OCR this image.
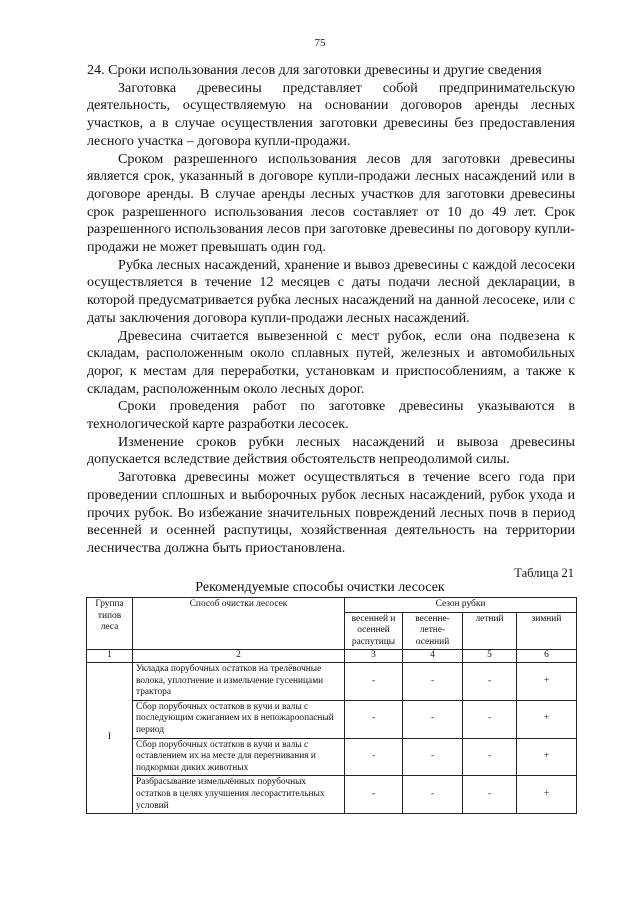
75

24. Сроки использования лесов для заготовки древесины и другие сведения

Заготовка древесины представляет собой предпринимательскую деятельность, осуществляемую на основании договоров аренды лесных участков, а в случае осуществления заготовки древесины без предоставления лесного участка – договора купли-продажи.

Сроком разрешенного использования лесов для заготовки древесины является срок, указанный в договоре купли-продажи лесных насаждений или в договоре аренды. В случае аренды лесных участков для заготовки древесины срок разрешенного использования лесов составляет от 10 до 49 лет. Срок разрешенного использования лесов при заготовке древесины по договору купли-продажи не может превышать один год.

Рубка лесных насаждений, хранение и вывоз древесины с каждой лесосеки осуществляется в течение 12 месяцев с даты подачи лесной декларации, в которой предусматривается рубка лесных насаждений на данной лесосеке, или с даты заключения договора купли-продажи лесных насаждений.

Древесина считается вывезенной с мест рубок, если она подвезена к складам, расположенным около сплавных путей, железных и автомобильных дорог, к местам для переработки, установкам и приспособлениям, а также к складам, расположенным около лесных дорог.

Сроки проведения работ по заготовке древесины указываются в технологической карте разработки лесосек.

Изменение сроков рубки лесных насаждений и вывоза древесины допускается вследствие действия обстоятельств непреодолимой силы.

Заготовка древесины может осуществляться в течение всего года при проведении сплошных и выборочных рубок лесных насаждений, рубок ухода и прочих рубок. Во избежание значительных повреждений лесных почв в период весенней и осенней распутицы, хозяйственная деятельность на территории лесничества должна быть приостановлена.

Таблица 21
Рекомендуемые способы очистки лесосек
Группа типов леса	Способ очистки лесосек	Сезон рубки			
		весенней и осенней распутицы	весенне-летне-осенний	летний	зимний
1	2	3	4	5	6
I	Укладка порубочных остатков на трелёвочные волока, уплотнение и измельчение гусеницами трактора	-	-	-	+
	Сбор порубочных остатков в кучи и валы с последующим сжиганием их в непожароопасный период	-	-	-	+
	Сбор порубочных остатков в кучи и валы с оставлением их на месте для перегнивания и подкормки диких животных	-	-	-	+
	Разбрасывание измельчённых порубочных остатков в целях улучшения лесорастительных условий	-	-	-	+
